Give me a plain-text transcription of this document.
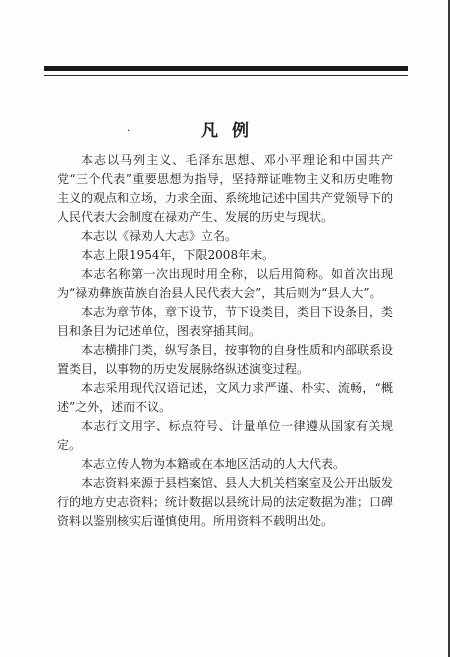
.	凡例

本志以马列主义、毛泽东思想、邓小平理论和中国共产党“三个代表”重要思想为指导，坚持辩证唯物主义和历史唯物主义的观点和立场，力求全面、系统地记述中国共产党领导下的人民代表大会制度在禄劝产生、发展的历史与现状。

本志以《禄劝人大志》立名。

本志上限1954年，下限2008年末。

本志名称第一次出现时用全称，以后用简称。如首次出现为“禄劝彝族苗族自治县人民代表大会”，其后则为“县人大”。

本志为章节体，章下设节，节下设类目，类目下设条目，类目和条目为记述单位，图表穿插其间。

本志横排门类，纵写条目，按事物的自身性质和内部联系设置类目，以事物的历史发展脉络纵述演变过程。

本志采用现代汉语记述，文风力求严谨、朴实、流畅，“概述”之外，述而不议。

本志行文用字、标点符号、计量单位一律遵从国家有关规定。

本志立传人物为本籍或在本地区活动的人大代表。

本志资料来源于县档案馆、县人大机关档案室及公开出版发行的地方史志资料；统计数据以县统计局的法定数据为准；口碑资料以鉴别核实后谨慎使用。所用资料不载明出处。
